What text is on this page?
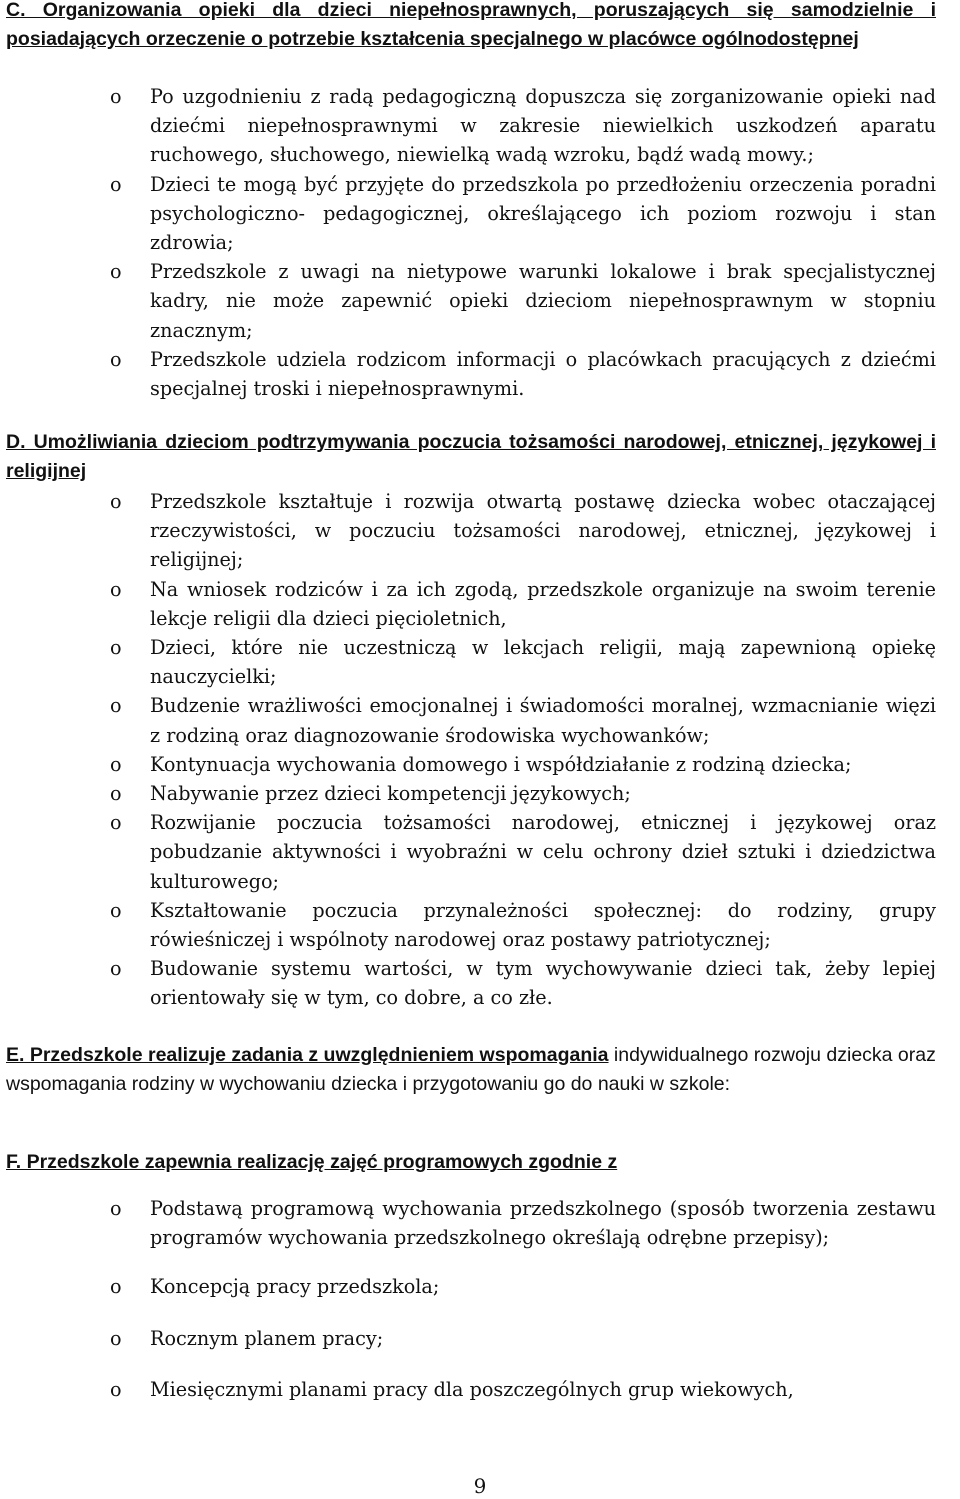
C. Organizowania opieki dla dzieci niepełnosprawnych, poruszających się samodzielnie i posiadających orzeczenie o potrzebie kształcenia specjalnego w placówce ogólnodostępnej
o	Po uzgodnieniu z radą pedagogiczną dopuszcza się zorganizowanie opieki nad dziećmi niepełnosprawnymi w zakresie niewielkich uszkodzeń aparatu ruchowego, słuchowego, niewielką wadą wzroku, bądź wadą mowy.;
o	Dzieci te mogą być przyjęte do przedszkola po przedłożeniu orzeczenia poradni psychologiczno- pedagogicznej, określającego ich poziom rozwoju i stan zdrowia;
o	Przedszkole z uwagi na nietypowe warunki lokalowe i brak specjalistycznej kadry, nie może zapewnić opieki dzieciom niepełnosprawnym w stopniu znacznym;
o	Przedszkole udziela rodzicom informacji o placówkach pracujących z dziećmi specjalnej troski i niepełnosprawnymi.
D. Umożliwiania dzieciom podtrzymywania poczucia tożsamości narodowej, etnicznej, językowej i religijnej
o	Przedszkole kształtuje i rozwija otwartą postawę dziecka wobec otaczającej rzeczywistości, w poczuciu tożsamości narodowej, etnicznej, językowej i religijnej;
o	Na wniosek rodziców i za ich zgodą, przedszkole organizuje na swoim terenie lekcje religii dla dzieci pięcioletnich,
o	Dzieci, które nie uczestniczą w lekcjach religii, mają zapewnioną opiekę nauczycielki;
o	Budzenie wrażliwości emocjonalnej i świadomości moralnej, wzmacnianie więzi z rodziną oraz diagnozowanie środowiska wychowanków;
o	Kontynuacja wychowania domowego i współdziałanie z rodziną dziecka;
o	Nabywanie przez dzieci kompetencji językowych;
o	Rozwijanie poczucia tożsamości narodowej, etnicznej i językowej oraz pobudzanie aktywności i wyobraźni w celu ochrony dzieł sztuki i dziedzictwa kulturowego;
o	Kształtowanie poczucia przynależności społecznej: do rodziny, grupy rówieśniczej i wspólnoty narodowej oraz postawy patriotycznej;
o	Budowanie systemu wartości, w tym wychowywanie dzieci tak, żeby lepiej orientowały się w tym, co dobre, a co złe.
E. Przedszkole realizuje zadania z uwzględnieniem wspomagania indywidualnego rozwoju dziecka oraz wspomagania rodziny w wychowaniu dziecka i przygotowaniu go do nauki w szkole:
F. Przedszkole zapewnia realizację zajęć programowych zgodnie z
o	Podstawą programową wychowania przedszkolnego (sposób tworzenia zestawu programów wychowania przedszkolnego określają odrębne przepisy);
o	Koncepcją pracy przedszkola;
o	Rocznym planem pracy;
o	Miesięcznymi planami pracy dla poszczególnych grup wiekowych,
9
